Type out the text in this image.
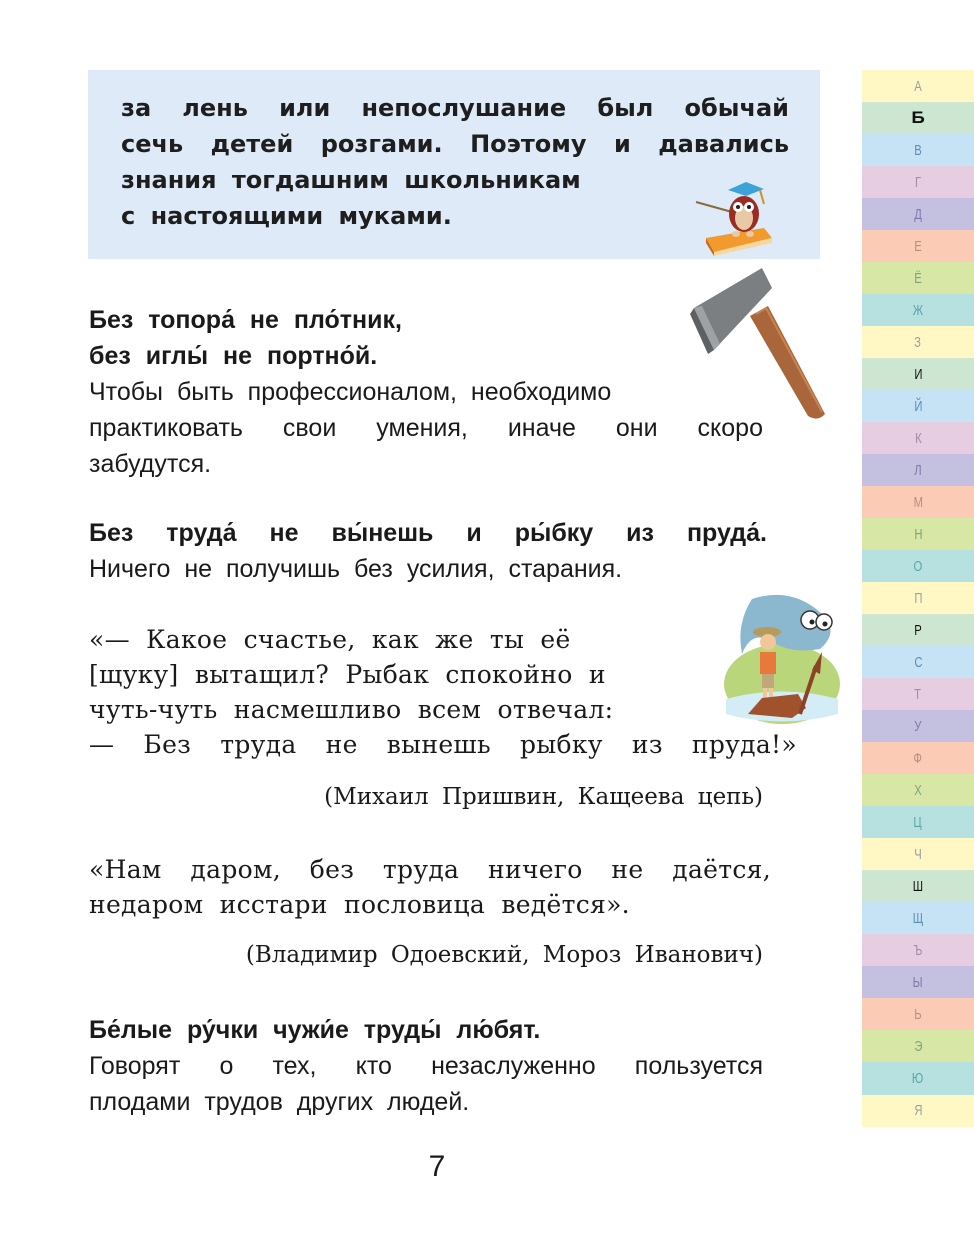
за лень или непослушание был обычай
сечь детей розгами. Поэтому и давались
знания тогдашним школьникам
с настоящими муками.
Без топора́ не пло́тник,
без иглы́ не портно́й.
Чтобы быть профессионалом, необходимо
практиковать свои умения, иначе они скоро
забудутся.
Без труда́ не вы́нешь и ры́бку из пруда́.
Ничего не получишь без усилия, старания.
«— Какое счастье, как же ты её
[щуку] вытащил? Рыбак спокойно и
чуть-чуть насмешливо всем отвечал:
— Без труда не вынешь рыбку из пруда!»
(Михаил Пришвин, Кащеева цепь)
«Нам даром, без труда ничего не даётся,
недаром исстари пословица ведётся».
(Владимир Одоевский, Мороз Иванович)
Бе́лые ру́чки чужи́е труды́ лю́бят.
Говорят о тех, кто незаслуженно пользуется
плодами трудов других людей.
7
А
Б
В
Г
Д
Е
Ё
Ж
З
И
Й
К
Л
М
Н
О
П
Р
С
Т
У
Ф
Х
Ц
Ч
Ш
Щ
Ъ
Ы
Ь
Э
Ю
Я
